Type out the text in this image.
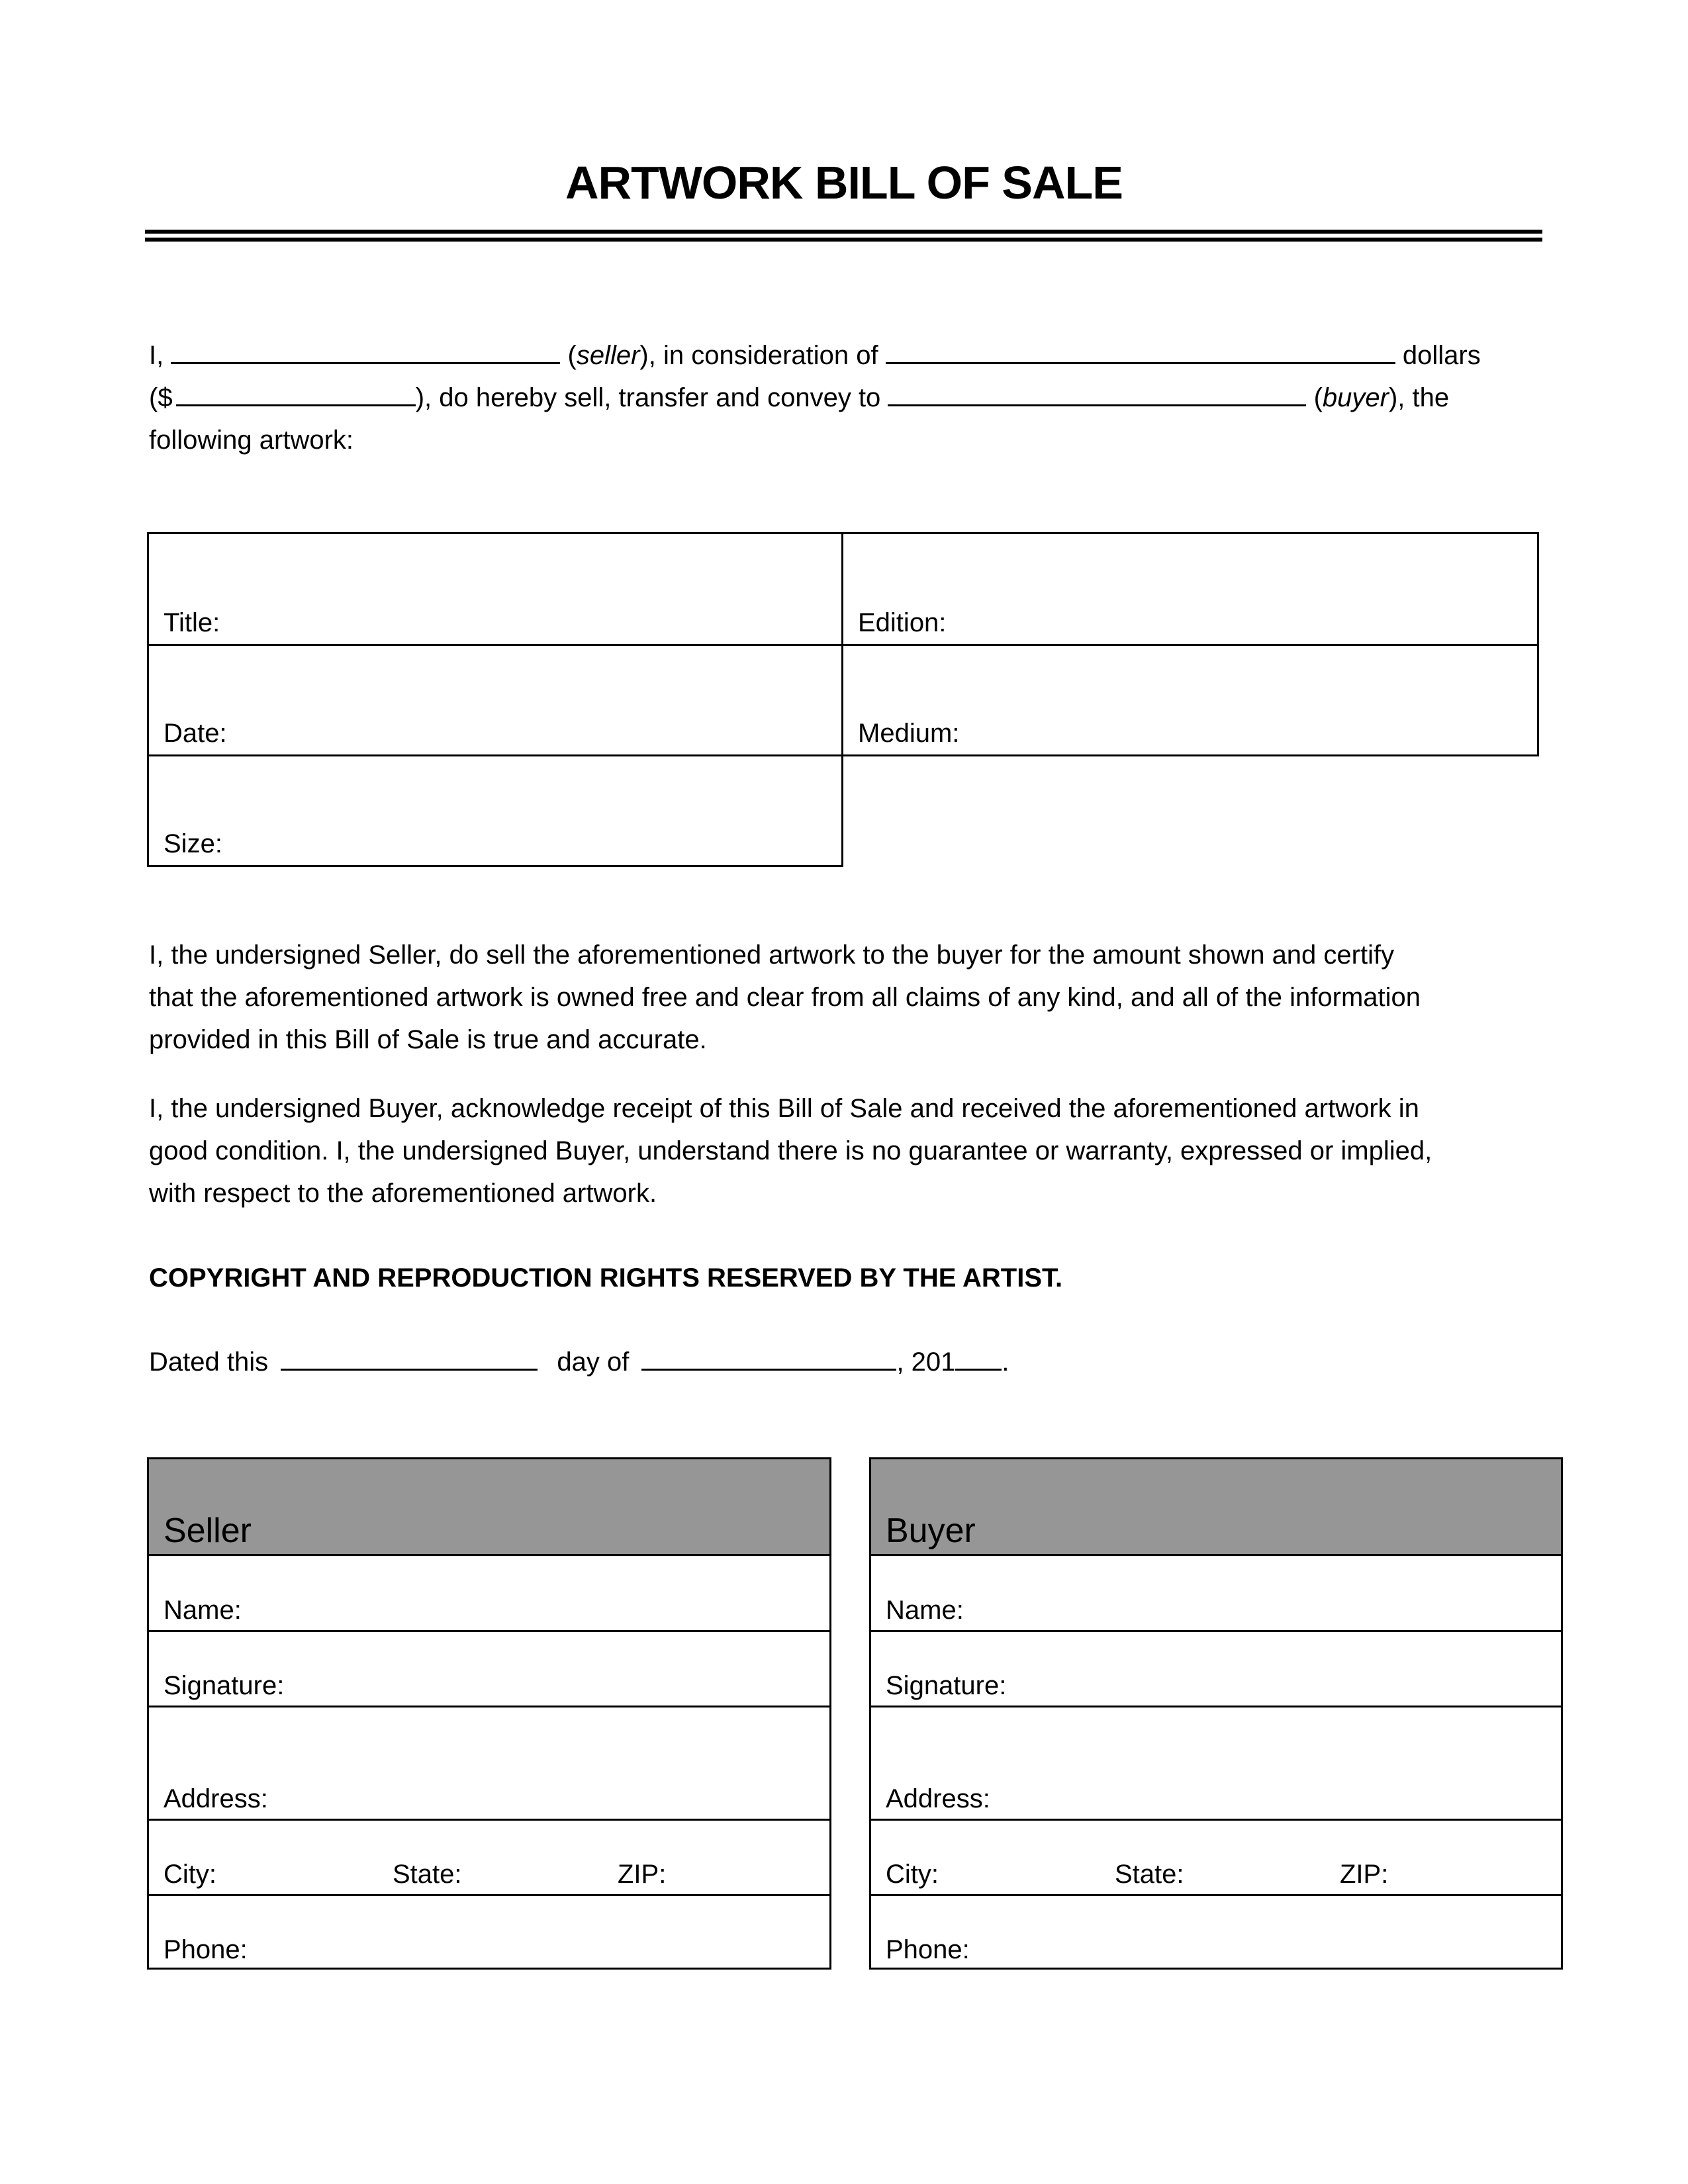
ARTWORK BILL OF SALE
I,	(seller), in consideration of	dollars
($	), do hereby sell, transfer and convey to	(buyer), the
following artwork:
Title:	Edition:
Date:	Medium:
Size:
I, the undersigned Seller, do sell the aforementioned artwork to the buyer for the amount shown and certify
that the aforementioned artwork is owned free and clear from all claims of any kind, and all of the information
provided in this Bill of Sale is true and accurate.
I, the undersigned Buyer, acknowledge receipt of this Bill of Sale and received the aforementioned artwork in
good condition. I, the undersigned Buyer, understand there is no guarantee or warranty, expressed or implied,
with respect to the aforementioned artwork.
COPYRIGHT AND REPRODUCTION RIGHTS RESERVED BY THE ARTIST.
Dated this	day of	, 201 .
Seller
Name:
Signature:
Address:
City:	State:	ZIP:
Phone:
Buyer
Name:
Signature:
Address:
City:	State:	ZIP:
Phone:
